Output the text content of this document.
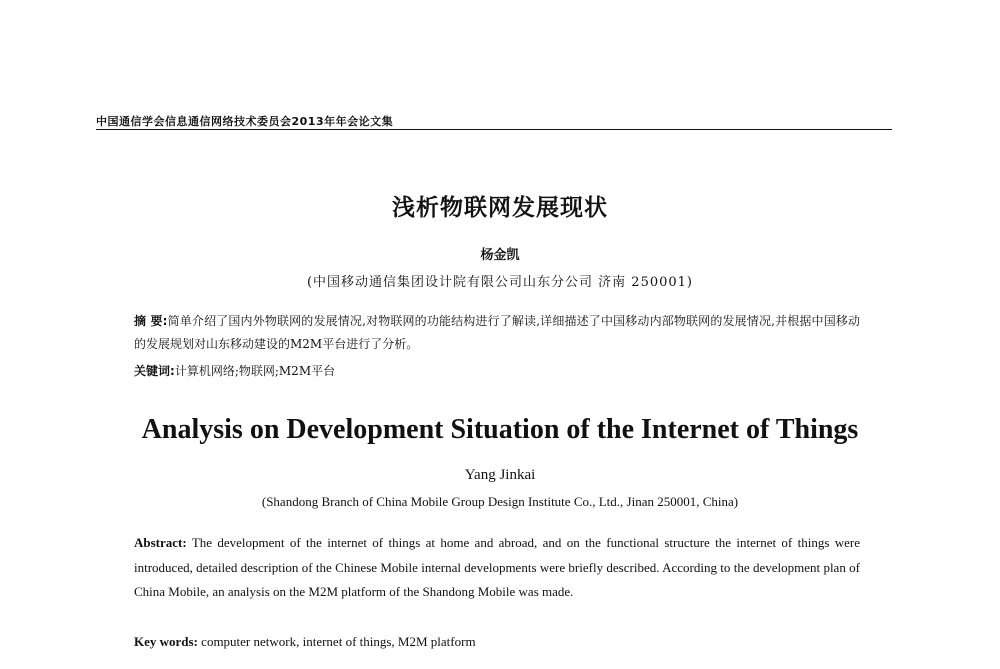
中国通信学会信息通信网络技术委员会2013年年会论文集
浅析物联网发展现状
杨金凯
(中国移动通信集团设计院有限公司山东分公司 济南 250001)
摘 要:简单介绍了国内外物联网的发展情况,对物联网的功能结构进行了解读,详细描述了中国移动内部物联网的发展情况,并根据中国移动的发展规划对山东移动建设的M2M平台进行了分析。
关键词:计算机网络;物联网;M2M平台
Analysis on Development Situation of the Internet of Things
Yang Jinkai
(Shandong Branch of China Mobile Group Design Institute Co., Ltd., Jinan 250001, China)
Abstract: The development of the internet of things at home and abroad, and on the functional structure the internet of things were introduced, detailed description of the Chinese Mobile internal developments were briefly described. According to the development plan of China Mobile, an analysis on the M2M platform of the Shandong Mobile was made.
Key words: computer network, internet of things, M2M platform
